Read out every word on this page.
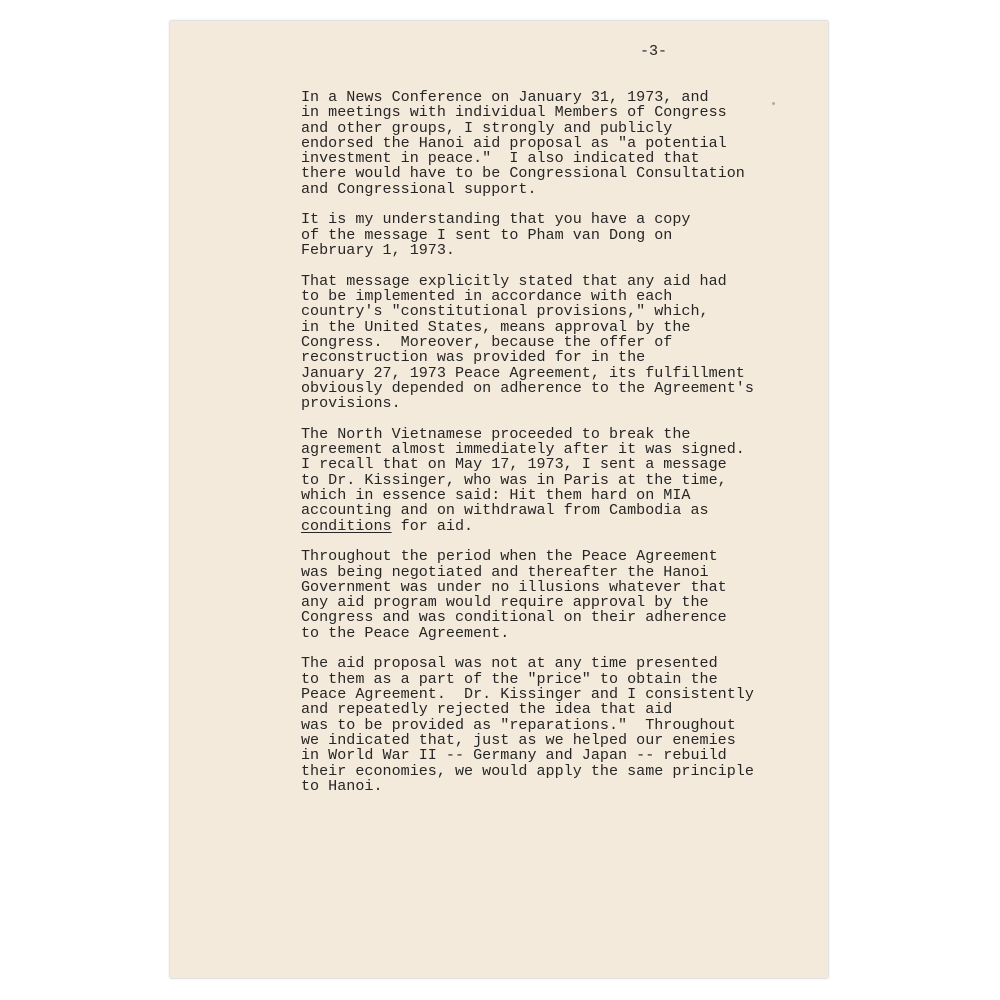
-3-
In a News Conference on January 31, 1973, and
in meetings with individual Members of Congress
and other groups, I strongly and publicly
endorsed the Hanoi aid proposal as "a potential
investment in peace."  I also indicated that
there would have to be Congressional Consultation
and Congressional support.
It is my understanding that you have a copy
of the message I sent to Pham van Dong on
February 1, 1973.
That message explicitly stated that any aid had
to be implemented in accordance with each
country's "constitutional provisions," which,
in the United States, means approval by the
Congress.  Moreover, because the offer of
reconstruction was provided for in the
January 27, 1973 Peace Agreement, its fulfillment
obviously depended on adherence to the Agreement's
provisions.
The North Vietnamese proceeded to break the
agreement almost immediately after it was signed.
I recall that on May 17, 1973, I sent a message
to Dr. Kissinger, who was in Paris at the time,
which in essence said: Hit them hard on MIA
accounting and on withdrawal from Cambodia as
conditions for aid.
Throughout the period when the Peace Agreement
was being negotiated and thereafter the Hanoi
Government was under no illusions whatever that
any aid program would require approval by the
Congress and was conditional on their adherence
to the Peace Agreement.
The aid proposal was not at any time presented
to them as a part of the "price" to obtain the
Peace Agreement.  Dr. Kissinger and I consistently
and repeatedly rejected the idea that aid
was to be provided as "reparations."  Throughout
we indicated that, just as we helped our enemies
in World War II -- Germany and Japan -- rebuild
their economies, we would apply the same principle
to Hanoi.
